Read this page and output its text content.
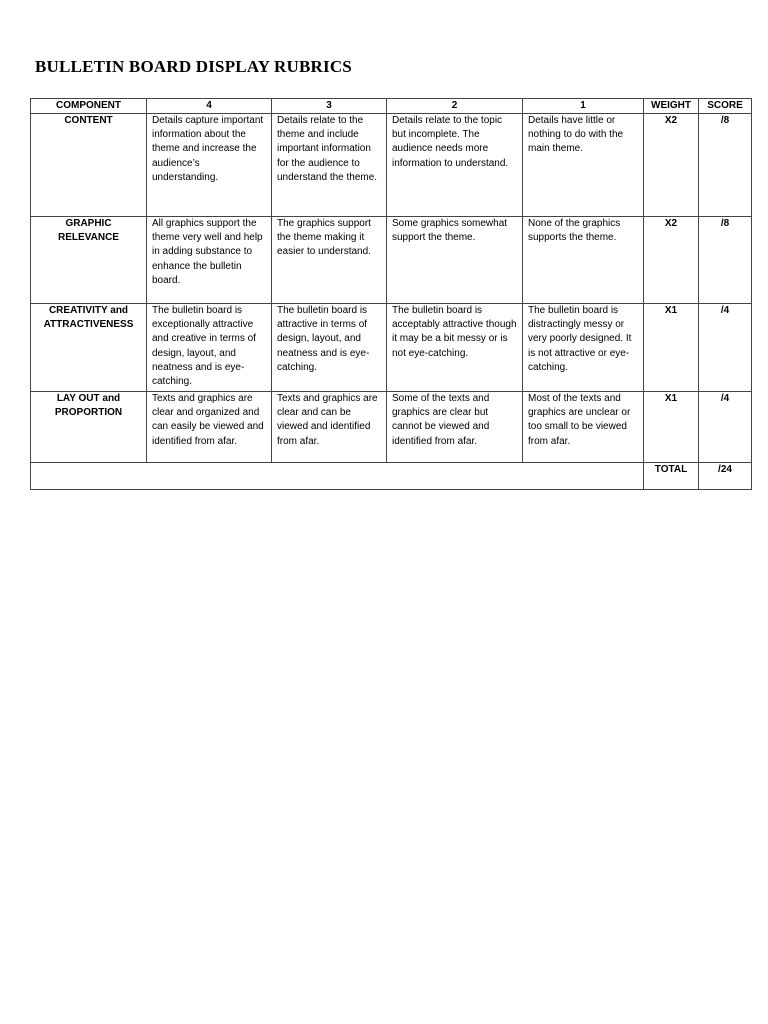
BULLETIN BOARD DISPLAY RUBRICS
COMPONENT	4	3	2	1	WEIGHT	SCORE
CONTENT	Details capture important information about the theme and increase the audience’s understanding.	Details relate to the theme and include important information for the audience to understand the theme.	Details relate to the topic but incomplete. The audience needs more information to understand.	Details have little or nothing to do with the main theme.	X2	/8
GRAPHIC RELEVANCE	All graphics support the theme very well and help in adding substance to enhance the bulletin board.	The graphics support the theme making it easier to understand.	Some graphics somewhat support the theme.	None of the graphics supports the theme.	X2	/8
CREATIVITY and ATTRACTIVENESS	The bulletin board is exceptionally attractive and creative in terms of design, layout, and neatness and is eye-catching.	The bulletin board is attractive in terms of design, layout, and neatness and is eye-catching.	The bulletin board is acceptably attractive though it may be a bit messy or is not eye-catching.	The bulletin board is distractingly messy or very poorly designed. It is not attractive or eye-catching.	X1	/4
LAY OUT and PROPORTION	Texts and graphics are clear and organized and can easily be viewed and identified from afar.	Texts and graphics are clear and can be viewed and identified from afar.	Some of the texts and graphics are clear but cannot be viewed and identified from afar.	Most of the texts and graphics are unclear or too small to be viewed from afar.	X1	/4
					TOTAL	/24
